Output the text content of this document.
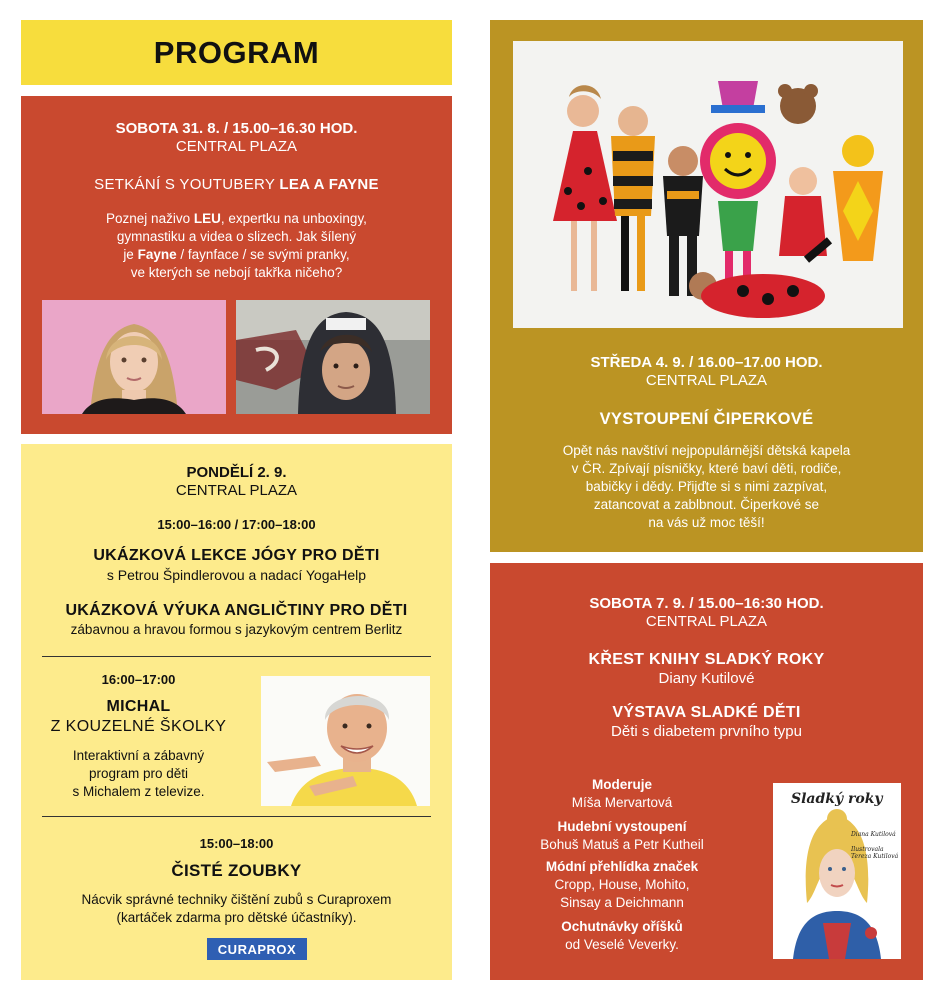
PROGRAM
SOBOTA 31. 8. / 15.00–16.30 HOD.
CENTRAL PLAZA
SETKÁNÍ S YOUTUBERY LEA A FAYNE
Poznej naživo LEU, expertku na unboxingy,
gymnastiku a videa o slizech. Jak šílený
je Fayne / faynface / se svými pranky,
ve kterých se nebojí takřka ničeho?
PONDĚLÍ 2. 9.
CENTRAL PLAZA
15:00–16:00 / 17:00–18:00
UKÁZKOVÁ LEKCE JÓGY PRO DĚTI
s Petrou Špindlerovou a nadací YogaHelp
UKÁZKOVÁ VÝUKA ANGLIČTINY PRO DĚTI
zábavnou a hravou formou s jazykovým centrem Berlitz
16:00–17:00
MICHAL
Z KOUZELNÉ ŠKOLKY
Interaktivní a zábavný
program pro děti
s Michalem z televize.
15:00–18:00
ČISTÉ ZOUBKY
Nácvik správné techniky čištění zubů s Curaproxem
(kartáček zdarma pro dětské účastníky).
CURAPROX
STŘEDA 4. 9. / 16.00–17.00 HOD.
CENTRAL PLAZA
VYSTOUPENÍ ČIPERKOVÉ
Opět nás navštíví nejpopulárnější dětská kapela
v ČR. Zpívají písničky, které baví děti, rodiče,
babičky i dědy. Přijďte si s nimi zazpívat,
zatancovat a zablbnout. Čiperkové se
na vás už moc těší!
SOBOTA 7. 9. / 15.00–16:30 HOD.
CENTRAL PLAZA
KŘEST KNIHY SLADKÝ ROKY
Diany Kutilové
VÝSTAVA SLADKÉ DĚTI
Děti s diabetem prvního typu
Moderuje
Míša Mervartová
Hudební vystoupení
Bohuš Matuš a Petr Kutheil
Módní přehlídka značek
Cropp, House, Mohito,
Sinsay a Deichmann
Ochutnávky oříšků
od Veselé Veverky.
Sladký roky
Diana Kutilová
Ilustrovala
Tereza Kutilová
